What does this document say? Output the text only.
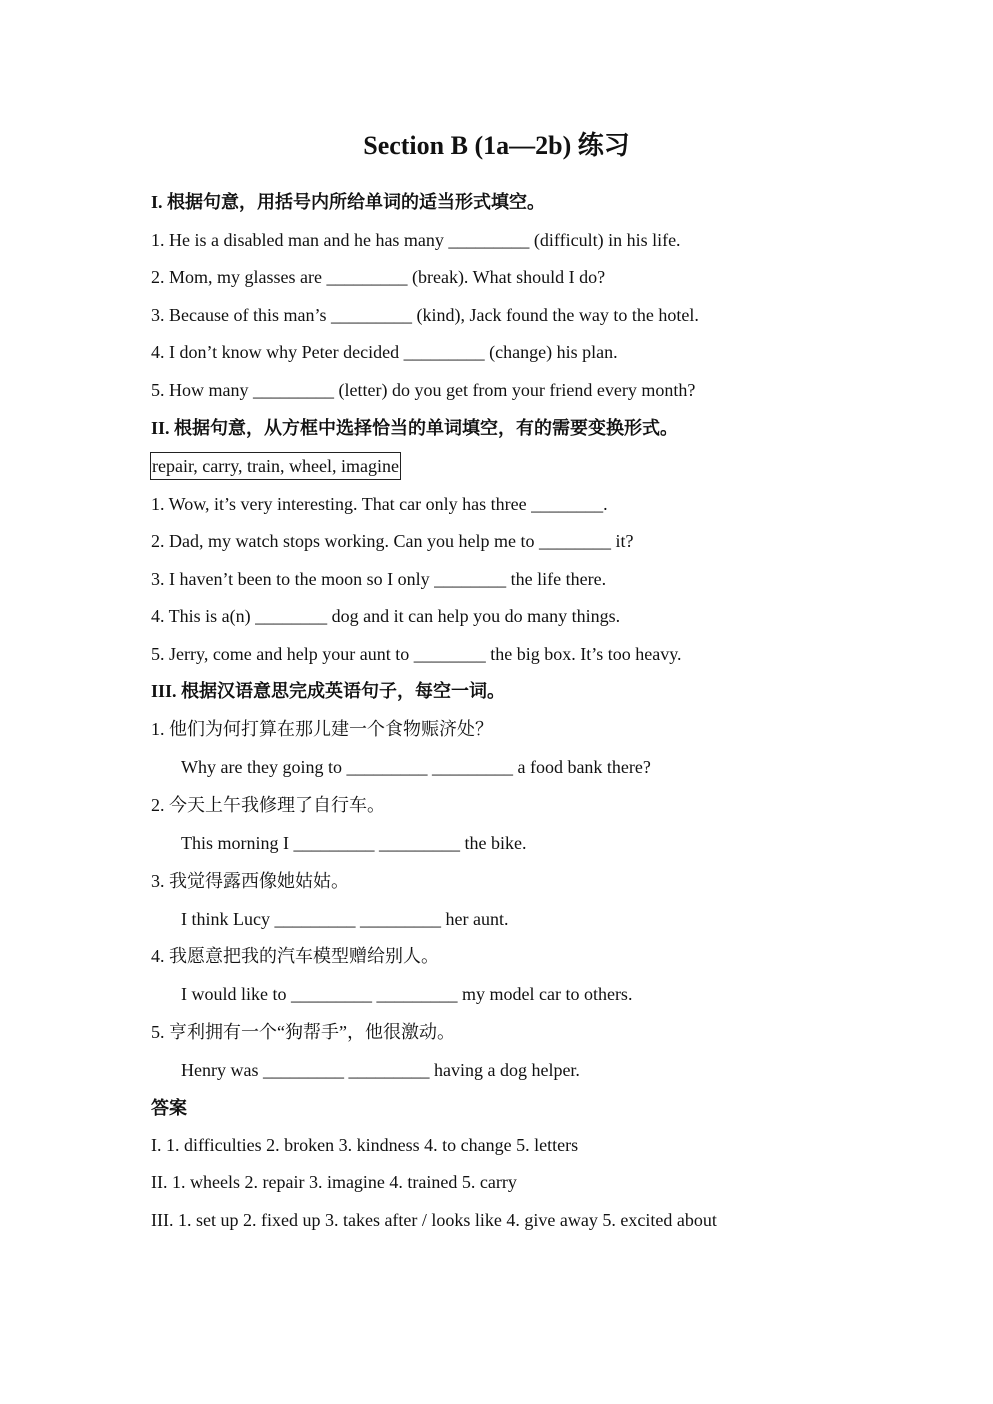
Section B (1a—2b) 练习
I. 根据句意，用括号内所给单词的适当形式填空。
1. He is a disabled man and he has many _________ (difficult) in his life.
2. Mom, my glasses are _________ (break). What should I do?
3. Because of this man’s _________ (kind), Jack found the way to the hotel.
4. I don’t know why Peter decided _________ (change) his plan.
5. How many _________ (letter) do you get from your friend every month?
II. 根据句意，从方框中选择恰当的单词填空，有的需要变换形式。
repair, carry, train, wheel, imagine
1. Wow, it’s very interesting. That car only has three ________.
2. Dad, my watch stops working. Can you help me to ________ it?
3. I haven’t been to the moon so I only ________ the life there.
4. This is a(n) ________ dog and it can help you do many things.
5. Jerry, come and help your aunt to ________ the big box. It’s too heavy.
III. 根据汉语意思完成英语句子，每空一词。
1. 他们为何打算在那儿建一个食物赈济处？
Why are they going to _________ _________ a food bank there?
2. 今天上午我修理了自行车。
This morning I _________ _________ the bike.
3. 我觉得露西像她姑姑。
I think Lucy _________ _________ her aunt.
4. 我愿意把我的汽车模型赠给别人。
I would like to _________ _________ my model car to others.
5. 亨利拥有一个“狗帮手”，他很激动。
Henry was _________ _________ having a dog helper.
答案
I. 1. difficulties 2. broken 3. kindness 4. to change 5. letters
II. 1. wheels 2. repair 3. imagine 4. trained 5. carry
III. 1. set up 2. fixed up 3. takes after / looks like 4. give away 5. excited about
